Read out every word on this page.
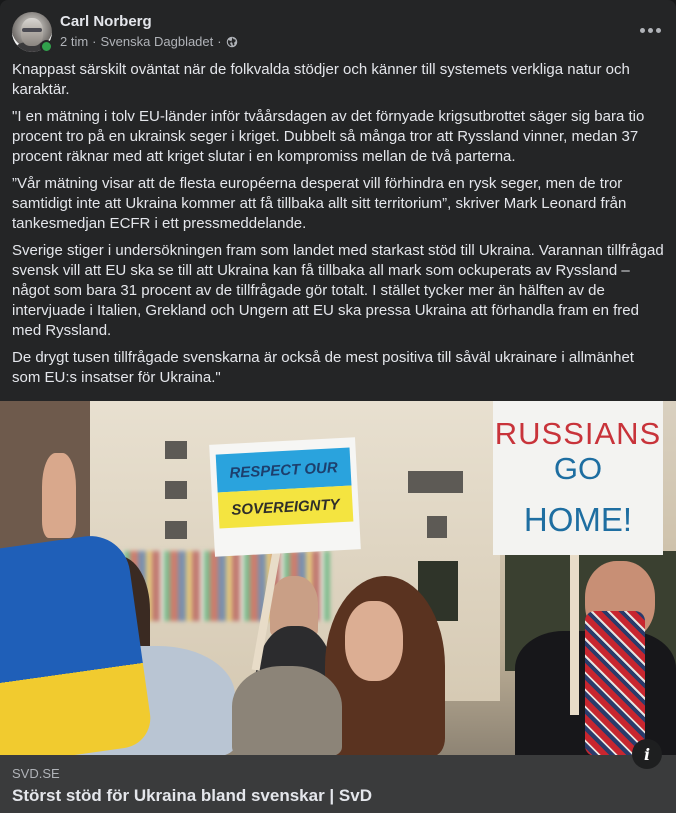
Carl Norberg
2 tim · Svenska Dagbladet ·

Knappast särskilt oväntat när de folkvalda stödjer och känner till systemets verkliga natur och karaktär.

"I en mätning i tolv EU-länder inför tvåårsdagen av det förnyade krigsutbrottet säger sig bara tio procent tro på en ukrainsk seger i kriget. Dubbelt så många tror att Ryssland vinner, medan 37 procent räknar med att kriget slutar i en kompromiss mellan de två parterna.

”Vår mätning visar att de flesta européerna desperat vill förhindra en rysk seger, men de tror samtidigt inte att Ukraina kommer att få tillbaka allt sitt territorium”, skriver Mark Leonard från tankesmedjan ECFR i ett pressmeddelande.

Sverige stiger i undersökningen fram som landet med starkast stöd till Ukraina. Varannan tillfrågad svensk vill att EU ska se till att Ukraina kan få tillbaka all mark som ockuperats av Ryssland – något som bara 31 procent av de tillfrågade gör totalt. I stället tycker mer än hälften av de intervjuade i Italien, Grekland och Ungern att EU ska pressa Ukraina att förhandla fram en fred med Ryssland.

De drygt tusen tillfrågade svenskarna är också de mest positiva till såväl ukrainare i allmänhet som EU:s insatser för Ukraina."

RESPECT OUR
SOVEREIGNTY
RUSSIANS
GO
HOME!
i
SVD.SE
Störst stöd för Ukraina bland svenskar | SvD
